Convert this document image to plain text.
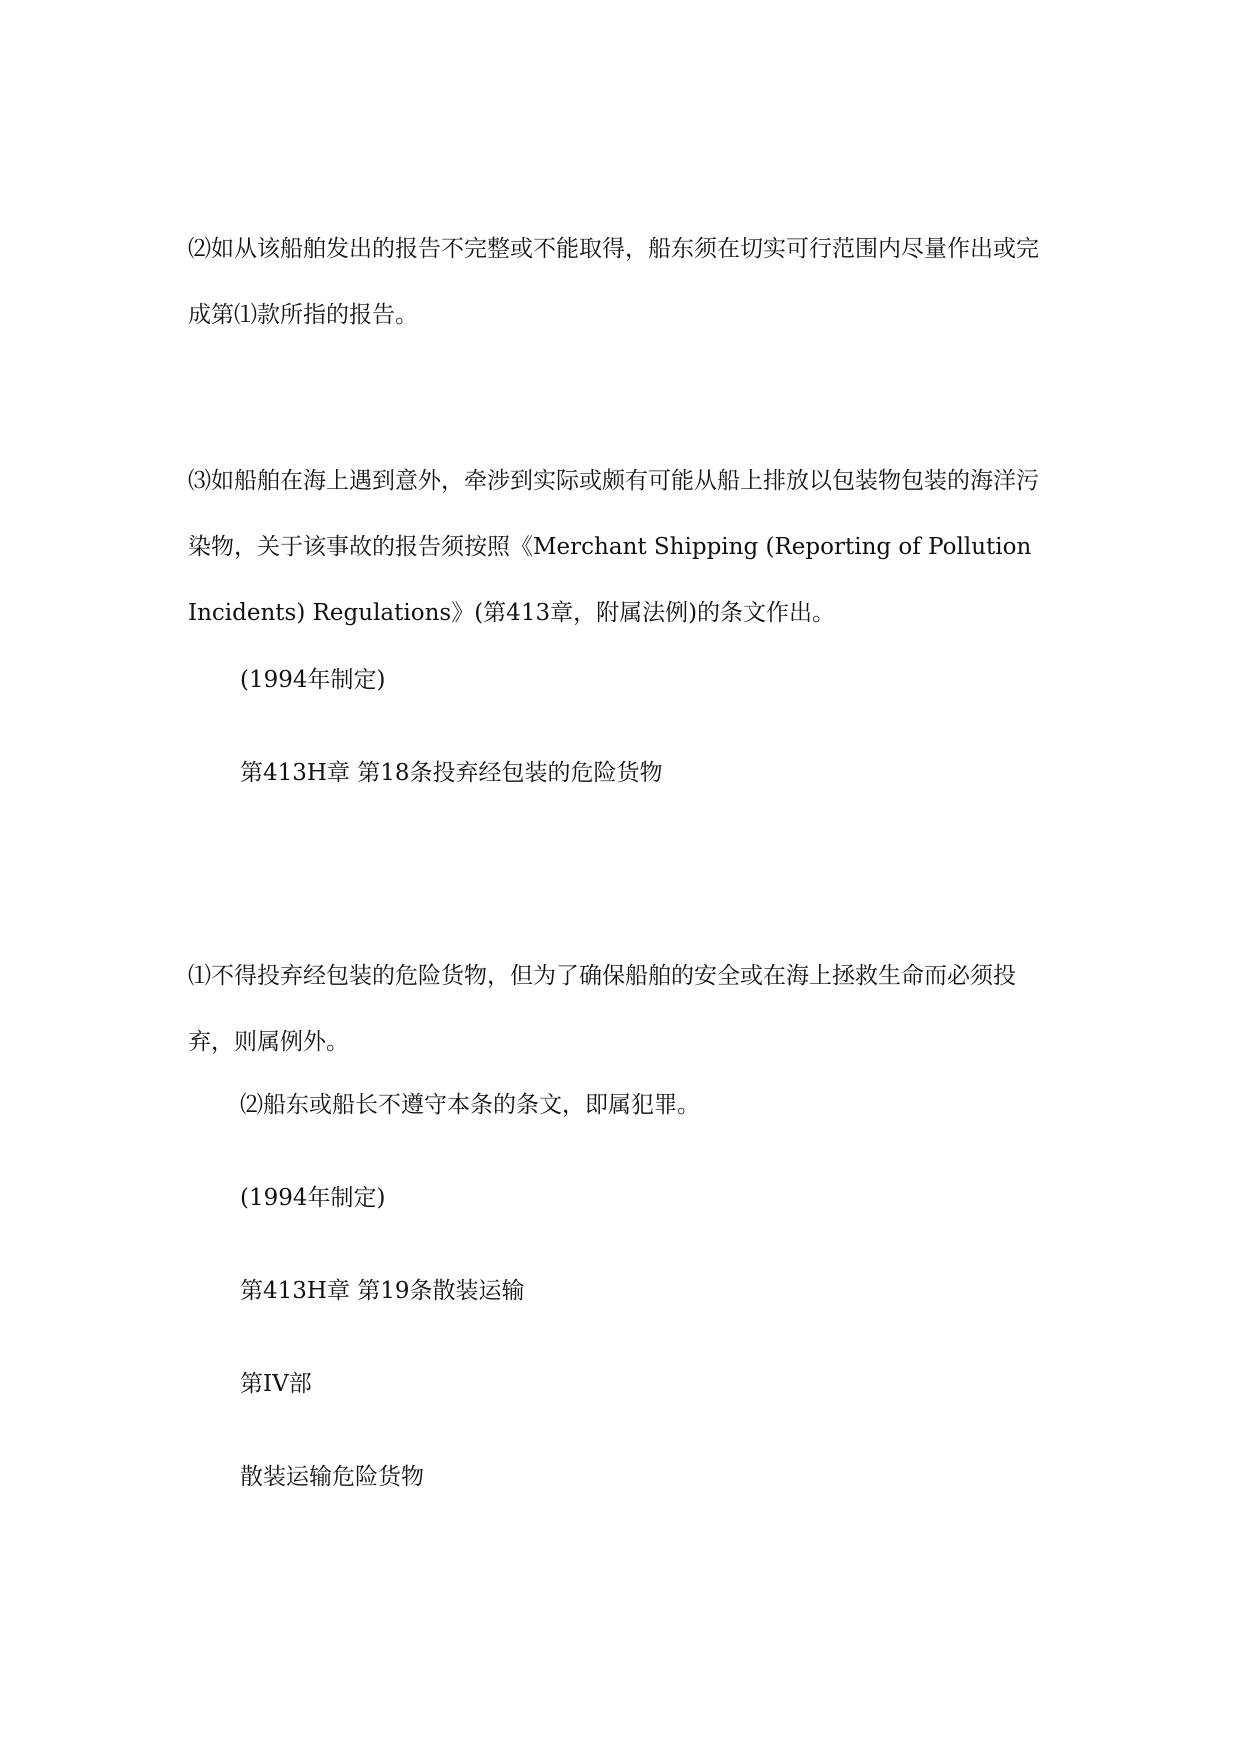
⑵如从该船舶发出的报告不完整或不能取得，船东须在切实可行范围内尽量作出或完成第⑴款所指的报告。

⑶如船舶在海上遇到意外，牵涉到实际或颇有可能从船上排放以包装物包装的海洋污染物，关于该事故的报告须按照《Merchant Shipping (Reporting of Pollution Incidents) Regulations》(第413章，附属法例)的条文作出。

(1994年制定)

第413H章 第18条投弃经包装的危险货物

⑴不得投弃经包装的危险货物，但为了确保船舶的安全或在海上拯救生命而必须投弃，则属例外。

⑵船东或船长不遵守本条的条文，即属犯罪。

(1994年制定)

第413H章 第19条散装运输

第IV部

散装运输危险货物
